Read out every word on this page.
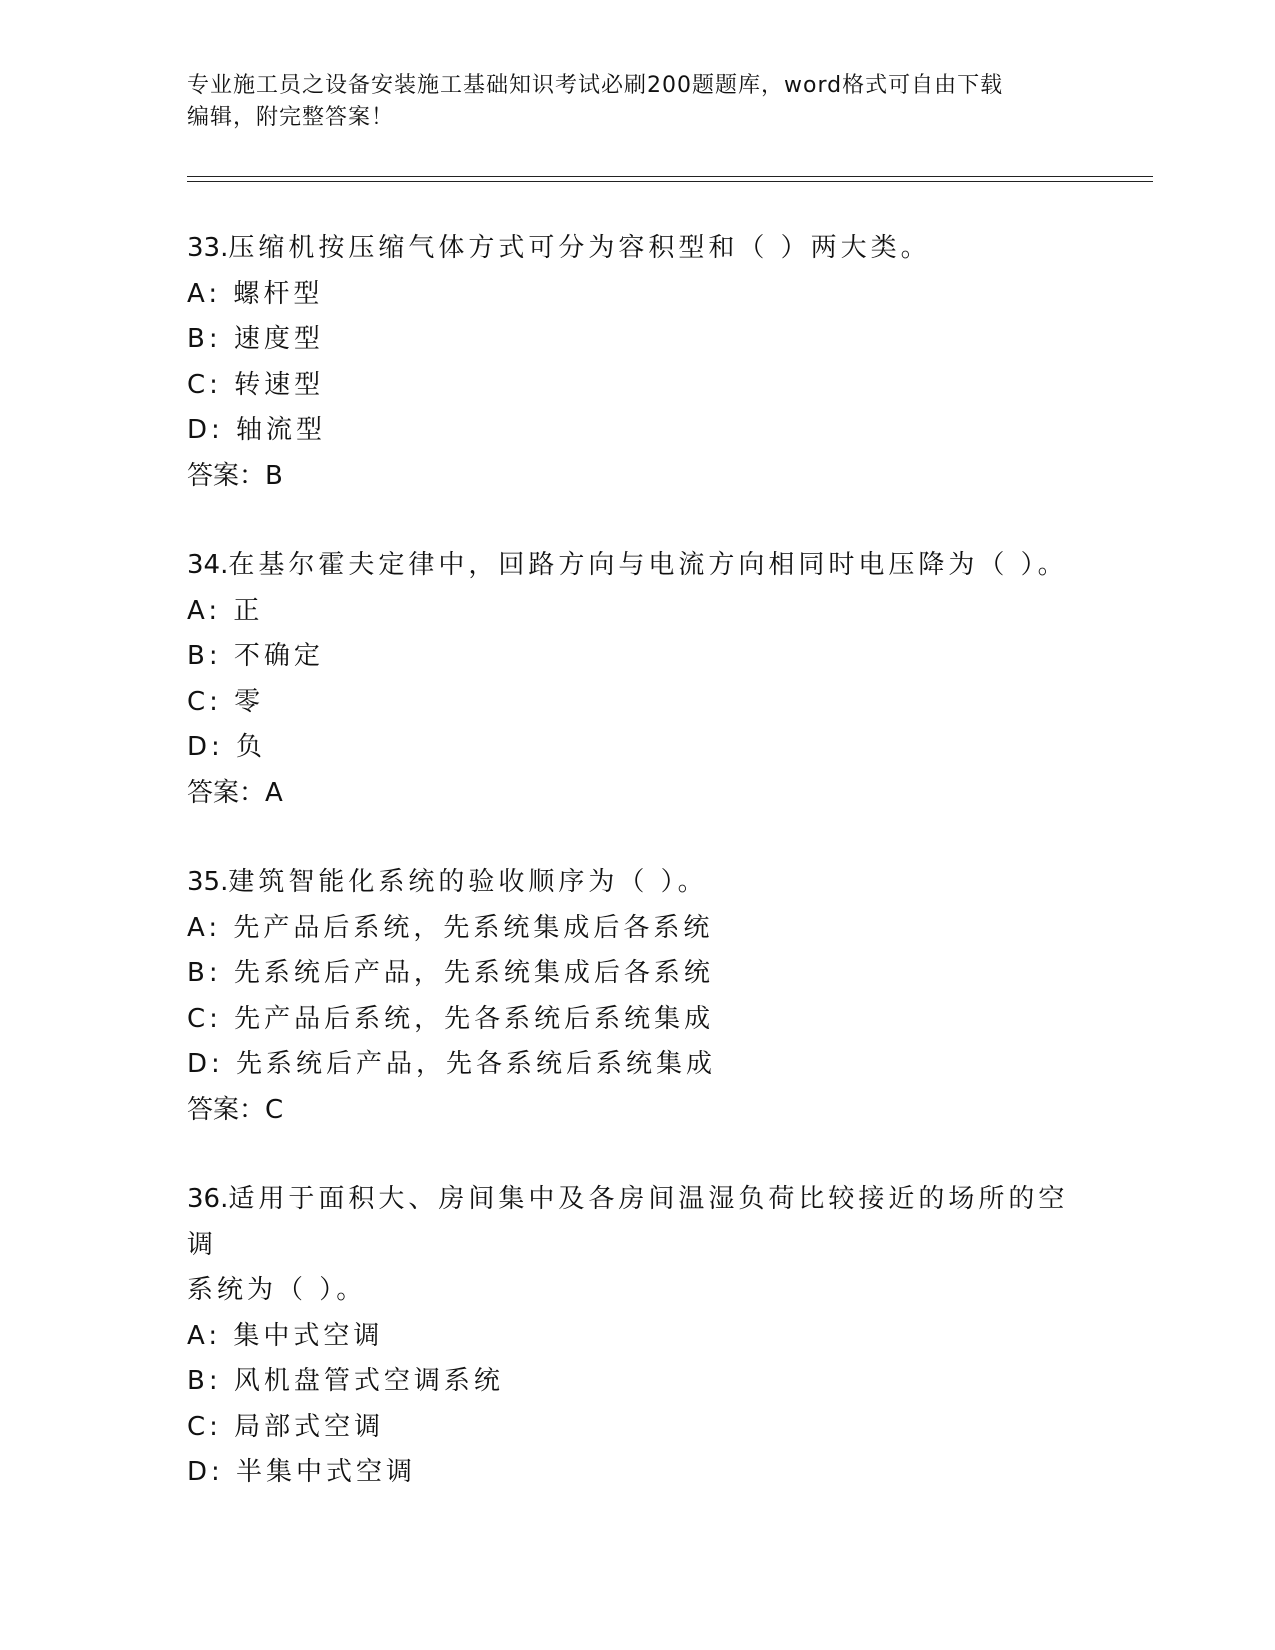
专业施工员之设备安装施工基础知识考试必刷200题题库，word格式可自由下载
编辑，附完整答案！

33.压缩机按压缩气体方式可分为容积型和（ ）两大类。

A: 螺杆型

B: 速度型

C: 转速型

D: 轴流型

答案：B

34.在基尔霍夫定律中，回路方向与电流方向相同时电压降为（ ）。

A: 正

B: 不确定

C: 零

D: 负

答案：A

35.建筑智能化系统的验收顺序为（ ）。

A: 先产品后系统，先系统集成后各系统

B: 先系统后产品，先系统集成后各系统

C: 先产品后系统，先各系统后系统集成

D: 先系统后产品，先各系统后系统集成

答案：C

36.适用于面积大、房间集中及各房间温湿负荷比较接近的场所的空调

系统为（ ）。

A: 集中式空调

B: 风机盘管式空调系统

C: 局部式空调

D: 半集中式空调
